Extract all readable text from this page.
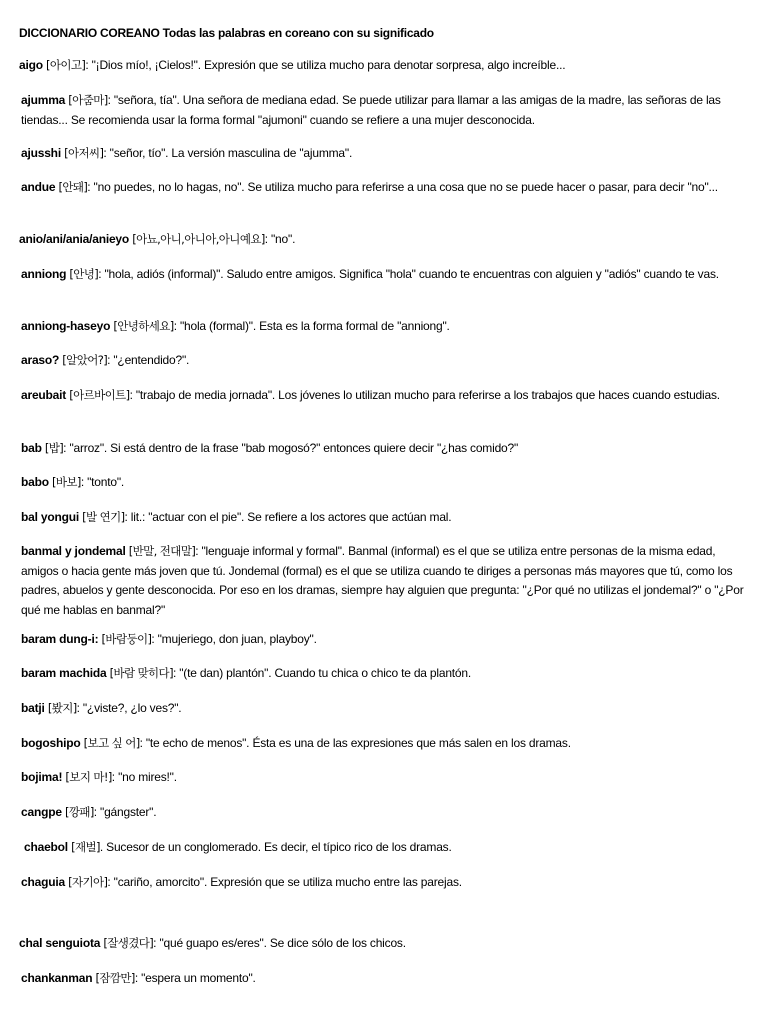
DICCIONARIO COREANO Todas las palabras en coreano con su significado
aigo [아이고]: "¡Dios mío!, ¡Cielos!". Expresión que se utiliza mucho para denotar sorpresa, algo increíble...
ajumma [아줌마]: "señora, tía". Una señora de mediana edad. Se puede utilizar para llamar a las amigas de la madre, las señoras de las tiendas... Se recomienda usar la forma formal "ajumoni" cuando se refiere a una mujer desconocida.
ajusshi [아저씨]: "señor, tío". La versión masculina de "ajumma".
andue [안돼]: "no puedes, no lo hagas, no". Se utiliza mucho para referirse a una cosa que no se puede hacer o pasar, para decir "no"...
anio/ani/ania/anieyo [아뇨,아니,아니아,아니예요]: "no".
anniong [안녕]: "hola, adiós (informal)". Saludo entre amigos. Significa "hola" cuando te encuentras con alguien y "adiós" cuando te vas.
anniong-haseyo [안녕하세요]: "hola (formal)". Esta es la forma formal de "anniong".
araso? [알았어?]: "¿entendido?".
areubait [아르바이트]: "trabajo de media jornada". Los jóvenes lo utilizan mucho para referirse a los trabajos que haces cuando estudias.
bab [밥]: "arroz". Si está dentro de la frase "bab mogosó?" entonces quiere decir "¿has comido?"
babo [바보]: "tonto".
bal yongui [발 연기]: lit.: "actuar con el pie". Se refiere a los actores que actúan mal.
banmal y jondemal [반말, 전대말]: "lenguaje informal y formal". Banmal (informal) es el que se utiliza entre personas de la misma edad, amigos o hacia gente más joven que tú. Jondemal (formal) es el que se utiliza cuando te diriges a personas más mayores que tú, como los padres, abuelos y gente desconocida. Por eso en los dramas, siempre hay alguien que pregunta: "¿Por qué no utilizas el jondemal?" o "¿Por qué me hablas en banmal?"
baram dung-i: [바람둥이]: "mujeriego, don juan, playboy".
baram machida [바람 맞히다]: "(te dan) plantón". Cuando tu chica o chico te da plantón.
batji [봤지]: "¿viste?, ¿lo ves?".
bogoshipo [보고 싶 어]: "te echo de menos". Ésta es una de las expresiones que más salen en los dramas.
bojima! [보지 마!]: "no mires!".
cangpe [깡패]: "gángster".
chaebol [재벌]. Sucesor de un conglomerado. Es decir, el típico rico de los dramas.
chaguia [자기아]: "cariño, amorcito". Expresión que se utiliza mucho entre las parejas.
chal senguiota [잘생겼다]: "qué guapo es/eres". Se dice sólo de los chicos.
chankanman [잠깜만]: "espera un momento".
